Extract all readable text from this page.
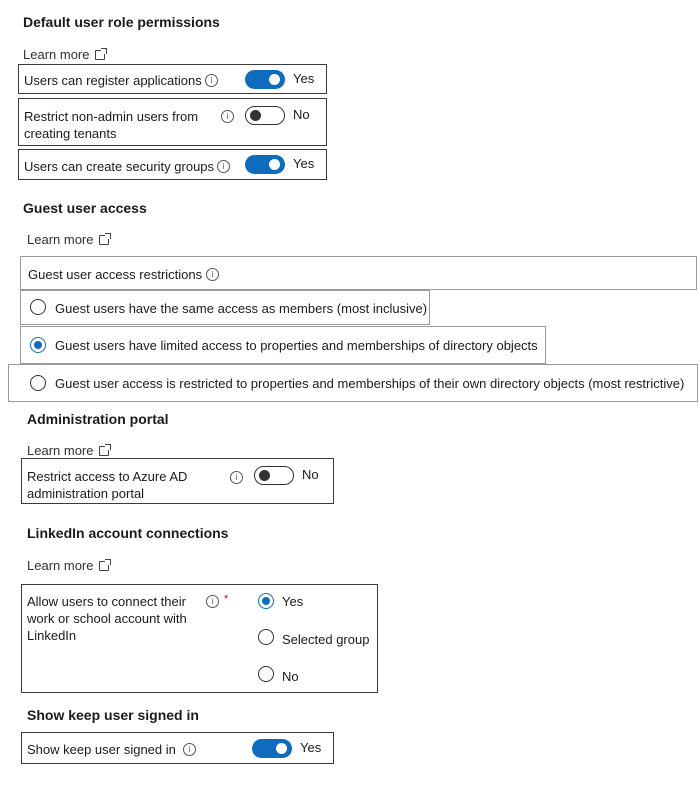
Default user role permissions
Learn more
Users can register applications	i	Yes
Restrict non-admin users from
creating tenants
i	No
Users can create security groups	i	Yes
Guest user access
Learn more
Guest user access restrictions	i
Guest users have the same access as members (most inclusive)
Guest users have limited access to properties and memberships of directory objects
Guest user access is restricted to properties and memberships of their own directory objects (most restrictive)
Administration portal
Learn more
Restrict access to Azure AD
administration portal
i	No
LinkedIn account connections
Learn more
Allow users to connect their
work or school account with
LinkedIn
i *	Yes
Selected group
No
Show keep user signed in
Show keep user signed in	i	Yes
